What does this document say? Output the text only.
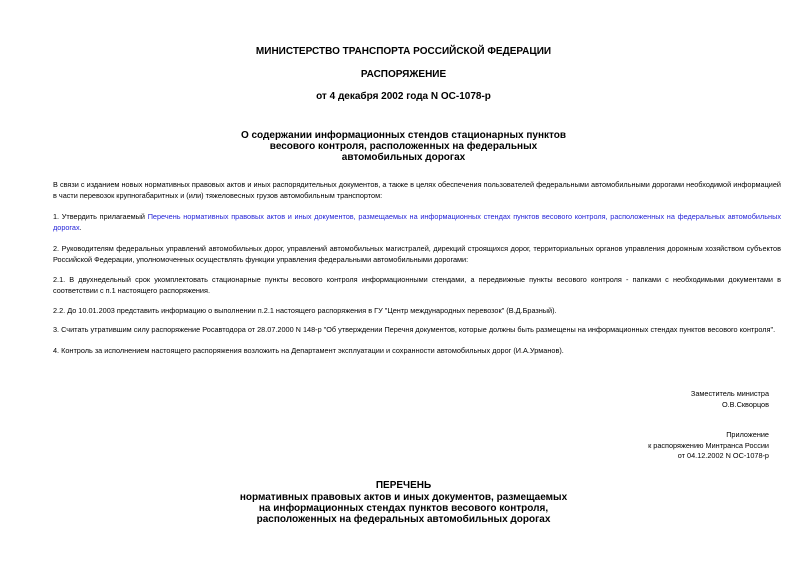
МИНИСТЕРСТВО ТРАНСПОРТА РОССИЙСКОЙ ФЕДЕРАЦИИ

РАСПОРЯЖЕНИЕ

от 4 декабря 2002 года N ОС-1078-р

О содержании информационных стендов стационарных пунктов

весового контроля, расположенных на федеральных

автомобильных дорогах

В связи с изданием новых нормативных правовых актов и иных распорядительных документов, а также в целях обеспечения пользователей федеральными автомобильными дорогами необходимой информацией в части перевозок крупногабаритных и (или) тяжеловесных грузов автомобильным транспортом:

1. Утвердить прилагаемый Перечень нормативных правовых актов и иных документов, размещаемых на информационных стендах пунктов весового контроля, расположенных на федеральных автомобильных дорогах.

2. Руководителям федеральных управлений автомобильных дорог, управлений автомобильных магистралей, дирекций строящихся дорог, территориальных органов управления дорожным хозяйством субъектов Российской Федерации, уполномоченных осуществлять функции управления федеральными автомобильными дорогами:

2.1. В двухнедельный срок укомплектовать стационарные пункты весового контроля информационными стендами, а передвижные пункты весового контроля - папками с необходимыми документами в соответствии с п.1 настоящего распоряжения.

2.2. До 10.01.2003 представить информацию о выполнении п.2.1 настоящего распоряжения в ГУ "Центр международных перевозок" (В.Д.Бразный).

3. Считать утратившим силу распоряжение Росавтодора от 28.07.2000 N 148-р "Об утверждении Перечня документов, которые должны быть размещены на информационных стендах пунктов весового контроля".

4. Контроль за исполнением настоящего распоряжения возложить на Департамент эксплуатации и сохранности автомобильных дорог (И.А.Урманов).

Заместитель министра
О.В.Скворцов
Приложение
к распоряжению Минтранса России
от 04.12.2002 N ОС-1078-р

ПЕРЕЧЕНЬ

нормативных правовых актов и иных документов, размещаемых

на информационных стендах пунктов весового контроля,

расположенных на федеральных автомобильных дорогах
